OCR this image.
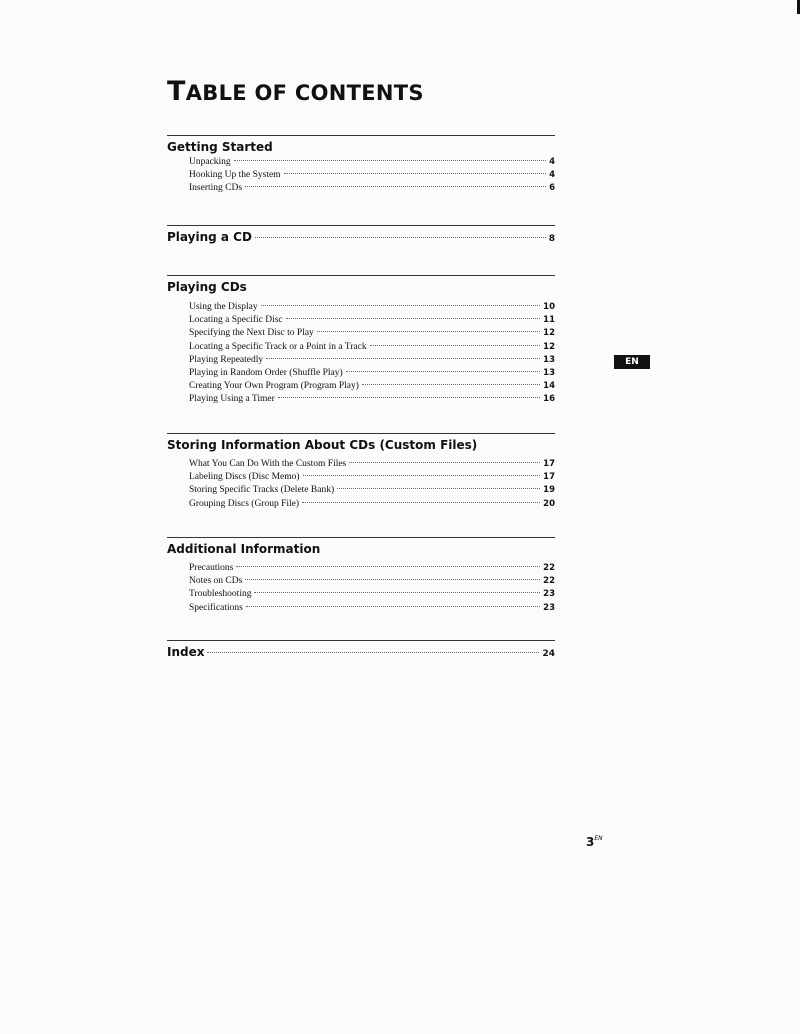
TABLE OF CONTENTS
Getting Started
Unpacking	4
Hooking Up the System	4
Inserting CDs	6
Playing a CD	8
Playing CDs
Using the Display	10
Locating a Specific Disc	11
Specifying the Next Disc to Play	12
Locating a Specific Track or a Point in a Track	12
Playing Repeatedly	13
Playing in Random Order (Shuffle Play)	13
Creating Your Own Program (Program Play)	14
Playing Using a Timer	16
Storing Information About CDs (Custom Files)
What You Can Do With the Custom Files	17
Labeling Discs (Disc Memo)	17
Storing Specific Tracks (Delete Bank)	19
Grouping Discs (Group File)	20
Additional Information
Precautions	22
Notes on CDs	22
Troubleshooting	23
Specifications	23
Index	24
EN
$3^{EN}$
